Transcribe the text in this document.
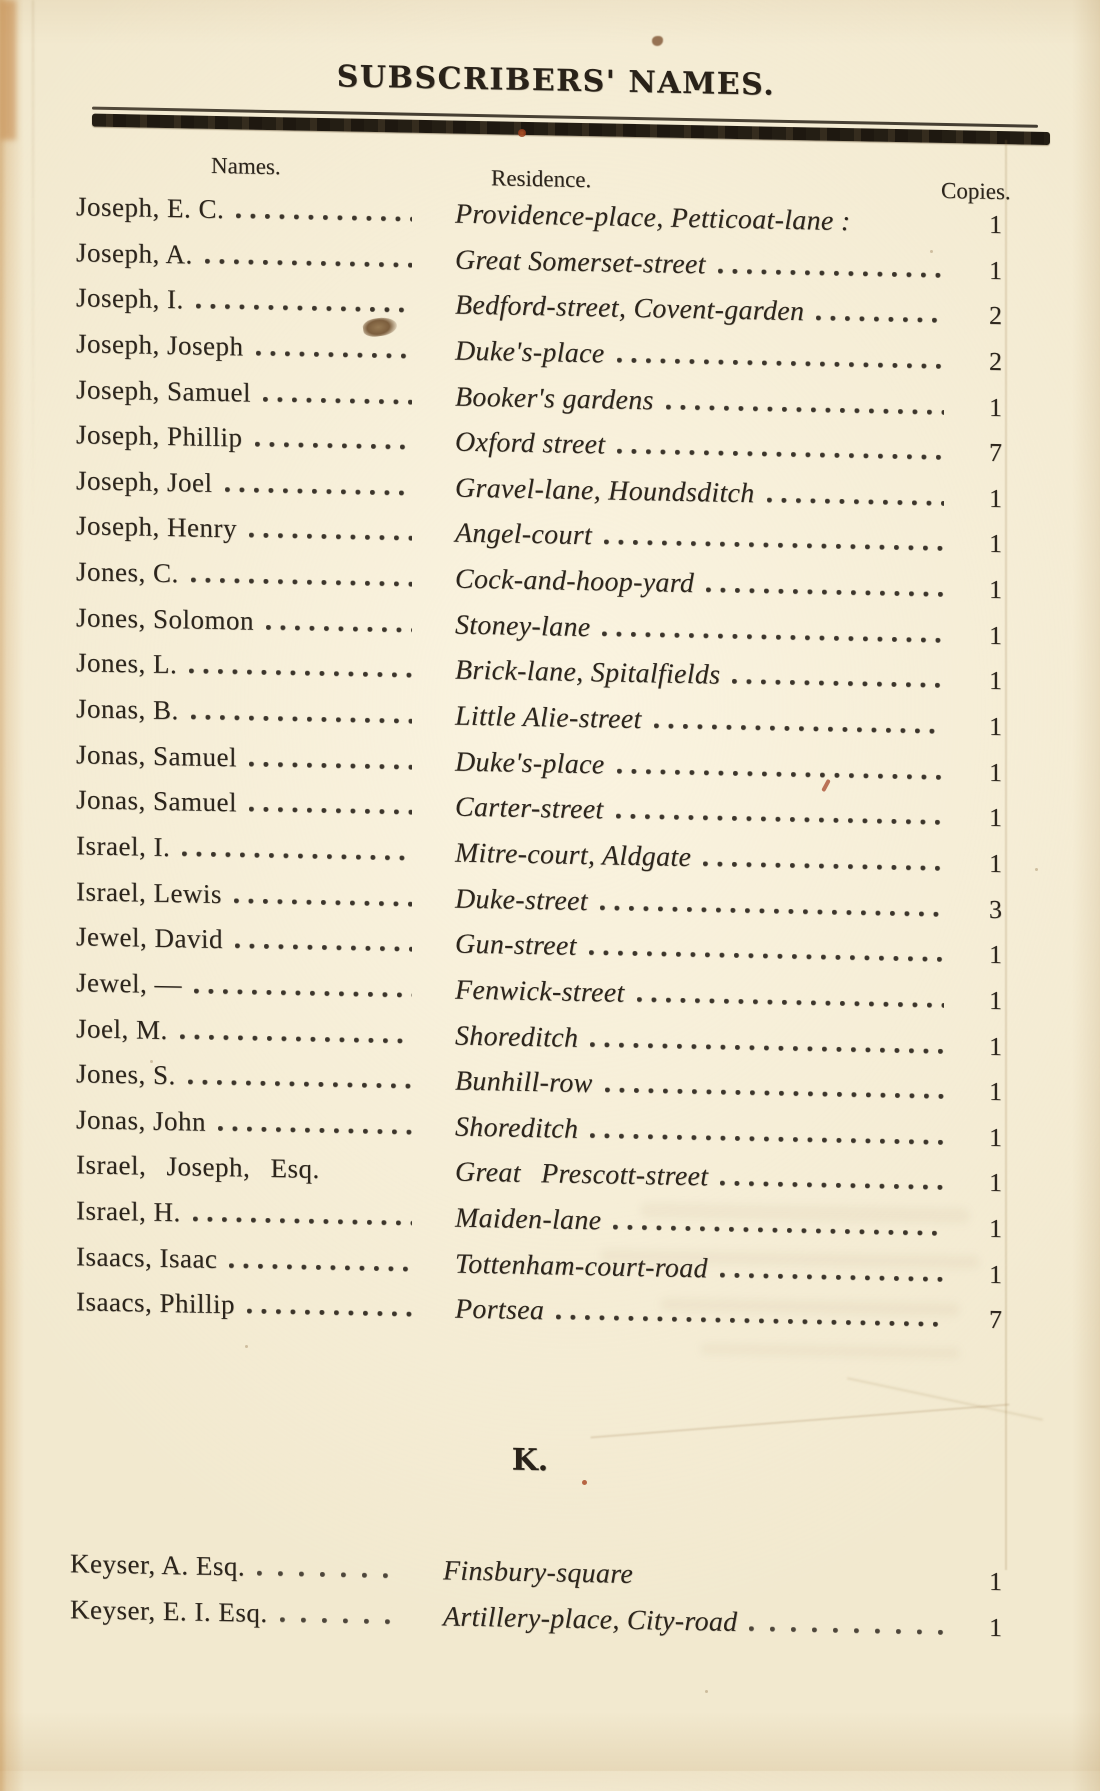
SUBSCRIBERS' NAMES.
Names.	Residence.	Copies.
Joseph, E. C.	Providence-place, Petticoat-lane :	1
Joseph, A.	Great Somerset-street	1
Joseph, I.	Bedford-street, Covent-garden	2
Joseph, Joseph	Duke's-place	2
Joseph, Samuel	Booker's gardens	1
Joseph, Phillip	Oxford street	7
Joseph, Joel	Gravel-lane, Houndsditch	1
Joseph, Henry	Angel-court	1
Jones, C.	Cock-and-hoop-yard	1
Jones, Solomon	Stoney-lane	1
Jones, L.	Brick-lane, Spitalfields	1
Jonas, B.	Little Alie-street	1
Jonas, Samuel	Duke's-place	1
Jonas, Samuel	Carter-street	1
Israel, I.	Mitre-court, Aldgate	1
Israel, Lewis	Duke-street	3
Jewel, David	Gun-street	1
Jewel, —	Fenwick-street	1
Joel, M.	Shoreditch	1
Jones, S.	Bunhill-row	1
Jonas, John	Shoreditch	1
Israel, Joseph, Esq.	Great Prescott-street	1
Israel, H.	Maiden-lane	1
Isaacs, Isaac	Tottenham-court-road	1
Isaacs, Phillip	Portsea	7
K.
Keyser, A. Esq.	Finsbury-square	1
Keyser, E. I. Esq.	Artillery-place, City-road	1
